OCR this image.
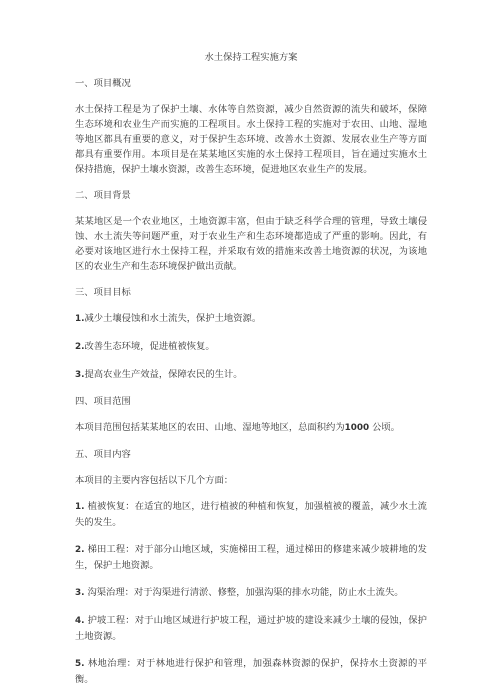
水土保持工程实施方案
一、项目概况
水土保持工程是为了保护土壤、水体等自然资源，减少自然资源的流失和破坏，保障生态环境和农业生产而实施的工程项目。水土保持工程的实施对于农田、山地、湿地等地区都具有重要的意义，对于保护生态环境、改善水土资源、发展农业生产等方面都具有重要作用。本项目是在某某地区实施的水土保持工程项目，旨在通过实施水土保持措施，保护土壤水资源，改善生态环境，促进地区农业生产的发展。
二、项目背景
某某地区是一个农业地区，土地资源丰富，但由于缺乏科学合理的管理，导致土壤侵蚀、水土流失等问题严重，对于农业生产和生态环境都造成了严重的影响。因此，有必要对该地区进行水土保持工程，并采取有效的措施来改善土地资源的状况，为该地区的农业生产和生态环境保护做出贡献。
三、项目目标
1.减少土壤侵蚀和水土流失，保护土地资源。
2.改善生态环境，促进植被恢复。
3.提高农业生产效益，保障农民的生计。
四、项目范围
本项目范围包括某某地区的农田、山地、湿地等地区，总面积约为1000 公顷。
五、项目内容
本项目的主要内容包括以下几个方面：
1. 植被恢复：在适宜的地区，进行植被的种植和恢复，加强植被的覆盖，减少水土流失的发生。
2. 梯田工程：对于部分山地区域，实施梯田工程，通过梯田的修建来减少坡耕地的发生，保护土地资源。
3. 沟渠治理：对于沟渠进行清淤、修整，加强沟渠的排水功能，防止水土流失。
4. 护坡工程：对于山地区域进行护坡工程，通过护坡的建设来减少土壤的侵蚀，保护土地资源。
5. 林地治理：对于林地进行保护和管理，加强森林资源的保护，保持水土资源的平衡。
